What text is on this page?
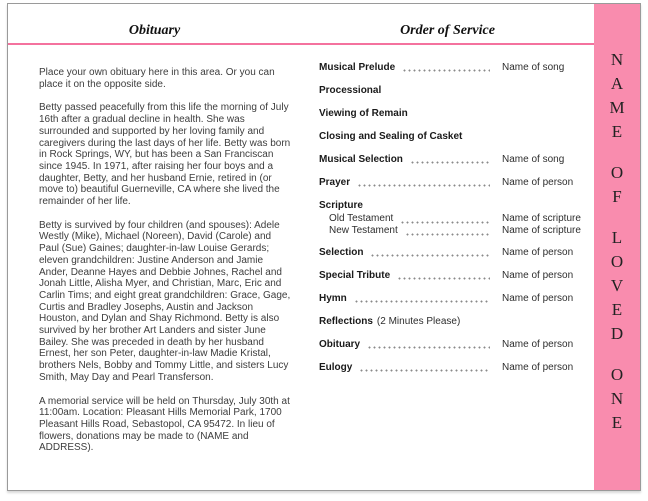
Obituary	Order of Service

Place your own obituary here in this area. Or you can place it on the opposite side.

Betty passed peacefully from this life the morning of July 16th after a gradual decline in health. She was surrounded and supported by her loving family and caregivers during the last days of her life. Betty was born in Rock Springs, WY, but has been a San Franciscan since 1945. In 1971, after raising her four boys and a daughter, Betty, and her husband Ernie, retired in (or move to) beautiful Guerneville, CA where she lived the remainder of her life.

Betty is survived by four children (and spouses): Adele Westly (Mike), Michael (Noreen), David (Carole) and Paul (Sue) Gaines; daughter-in-law Louise Gerards; eleven grandchildren: Justine Anderson and Jamie Ander, Deanne Hayes and Debbie Johnes, Rachel and Jonah Little, Alisha Myer, and Christian, Marc, Eric and Carlin Tims; and eight great grandchildren: Grace, Gage, Curtis and Bradley Josephs, Austin and Jackson Houston, and Dylan and Shay Richmond. Betty is also survived by her brother Art Landers and sister June Bailey. She was preceded in death by her husband Ernest, her son Peter, daughter-in-law Madie Kristal, brothers Nels, Bobby and Tommy Little, and sisters Lucy Smith, May Day and Pearl Transferson.

A memorial service will be held on Thursday, July 30th at 11:00am. Location: Pleasant Hills Memorial Park, 1700 Pleasant Hills Road, Sebastopol, CA 95472. In lieu of flowers, donations may be made to (NAME and ADDRESS).

Musical Prelude	Name of song
Processional
Viewing of Remain
Closing and Sealing of Casket
Musical Selection	Name of song
Prayer	Name of person
Scripture
Old Testament	Name of scripture
New Testament	Name of scripture
Selection	Name of person
Special Tribute	Name of person
Hymn	Name of person
Reflections (2 Minutes Please)
Obituary	Name of person
Eulogy	Name of person
NAME
OF
LOVED
ONE
